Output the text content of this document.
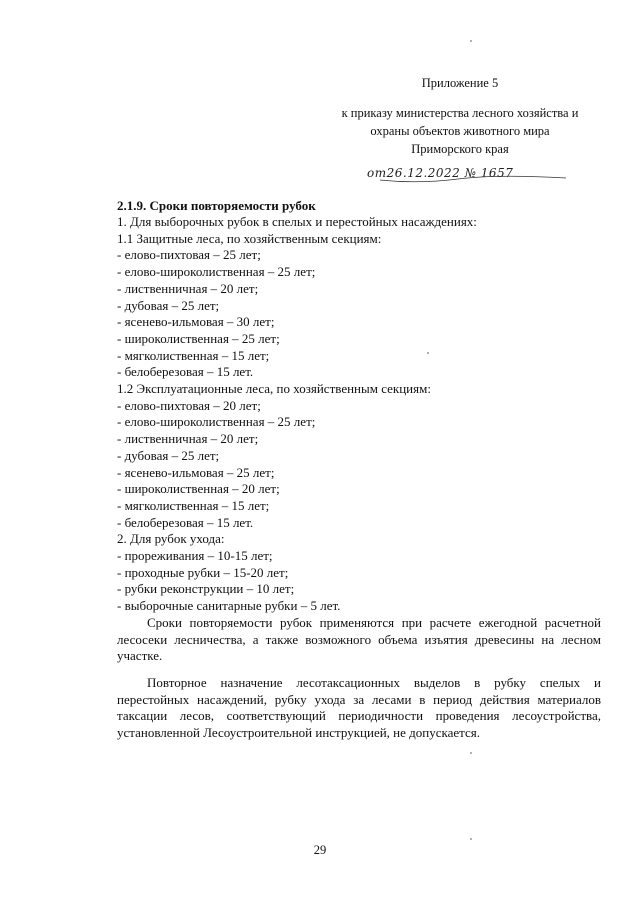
Приложение 5
к приказу министерства лесного хозяйства и
охраны объектов животного мира
Приморского края
от26.12.2022 № 1657
2.1.9. Сроки повторяемости рубок
1. Для выборочных рубок в спелых и перестойных насаждениях:
1.1 Защитные леса, по хозяйственным секциям:
- елово-пихтовая – 25 лет;
- елово-широколиственная – 25 лет;
- лиственничная – 20 лет;
- дубовая – 25 лет;
- ясенево-ильмовая – 30 лет;
- широколиственная – 25 лет;
- мягколиственная – 15 лет;
- белоберезовая – 15 лет.
1.2 Эксплуатационные леса, по хозяйственным секциям:
- елово-пихтовая – 20 лет;
- елово-широколиственная – 25 лет;
- лиственничная – 20 лет;
- дубовая – 25 лет;
- ясенево-ильмовая – 25 лет;
- широколиственная – 20 лет;
- мягколиственная – 15 лет;
- белоберезовая – 15 лет.
2. Для рубок ухода:
- прореживания – 10-15 лет;
- проходные рубки – 15-20 лет;
- рубки реконструкции – 10 лет;
- выборочные санитарные рубки – 5 лет.

Сроки повторяемости рубок применяются при расчете ежегодной расчетной лесосеки лесничества, а также возможного объема изъятия древесины на лесном участке.

Повторное назначение лесотаксационных выделов в рубку спелых и перестойных насаждений, рубку ухода за лесами в период действия материалов таксации лесов, соответствующий периодичности проведения лесоустройства, установленной Лесоустроительной инструкцией, не допускается.

29
